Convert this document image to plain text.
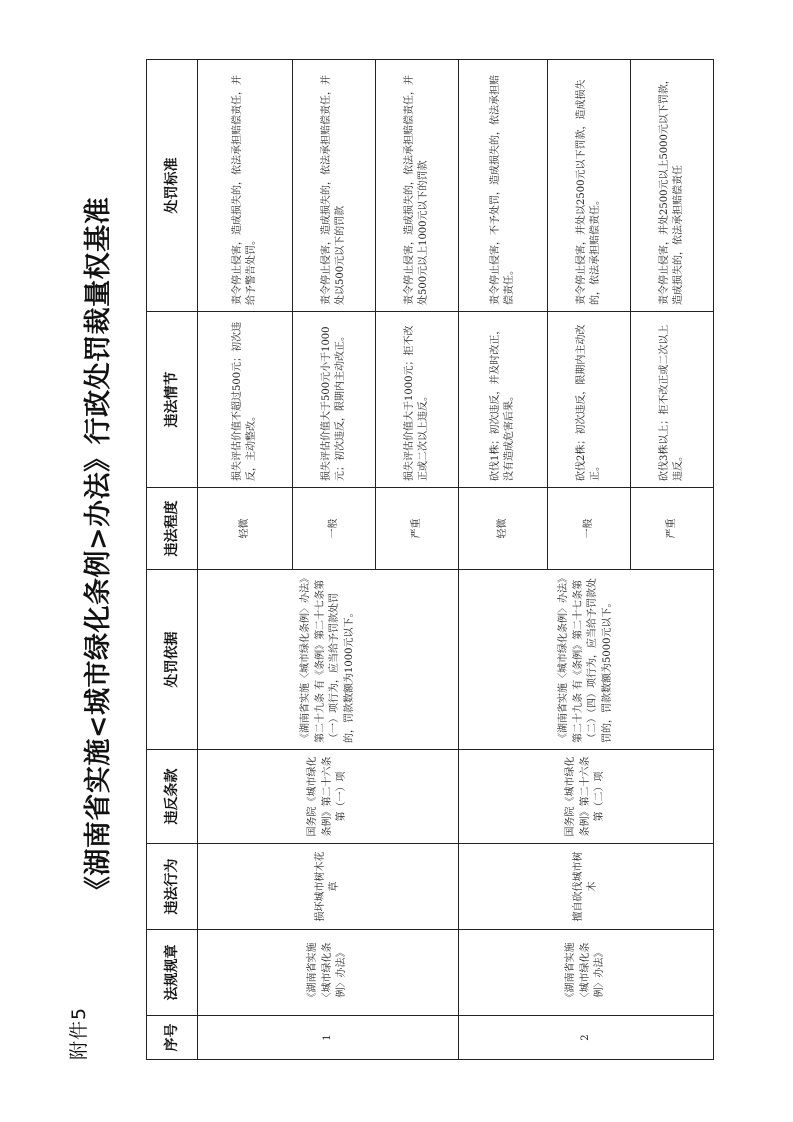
附件5
《湖南省实施<城市绿化条例>办法》行政处罚裁量权基准
序号	法规规章	违法行为	违反条款	处罚依据	违法程度	违法情节	处罚标准
1	《湖南省实施〈城市绿化条例〉办法》	损坏城市树木花草	国务院《城市绿化条例》第二十六条第（一）项	《湖南省实施〈城市绿化条例〉办法》第二十九条 有《条例》第二十七条第（一）项行为，应当给予罚款处罚的，罚款数额为1000元以下。	轻微	损失评估价值不超过500元；初次违反，主动整改。	责令停止侵害，造成损失的，依法承担赔偿责任，并给予警告处罚。
					一般	损失评估价值大于500元小于1000元；初次违反，限期内主动改正。	责令停止侵害，造成损失的，依法承担赔偿责任，并处以500元以下的罚款
					严重	损失评估价值大于1000元；拒不改正或二次以上违反。	责令停止侵害，造成损失的，依法承担赔偿责任，并处500元以上1000元以下的罚款
2	《湖南省实施〈城市绿化条例〉办法》	擅自砍伐城市树木	国务院《城市绿化条例》第二十六条第（二）项	《湖南省实施〈城市绿化条例〉办法》第二十九条 有《条例》第二十七条第（二）（四）项行为，应当给予罚款处罚的，罚款数额为5000元以下。	轻微	砍伐1株；初次违反，并及时改正，没有造成危害后果。	责令停止侵害，不予处罚，造成损失的，依法承担赔偿责任。
					一般	砍伐2株；初次违反，限期内主动改正。	责令停止侵害，并处以2500元以下罚款，造成损失的，依法承担赔偿责任。
					严重	砍伐3株以上；拒不改正或二次以上违反。	责令停止侵害，并处2500元以上5000元以下罚款，造成损失的，依法承担赔偿责任
